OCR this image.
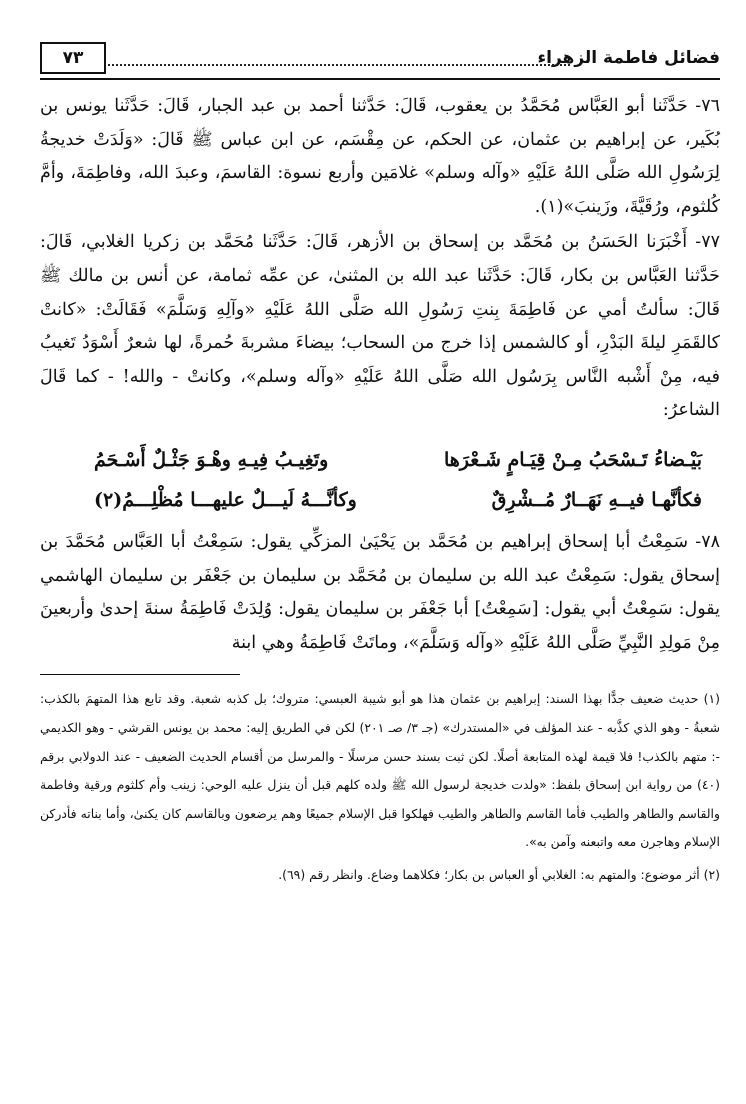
فضائل فاطمة الزهراء
٧٣

٧٦- حَدَّثَنا أبو العَبَّاس مُحَمَّدُ بن يعقوب، قَالَ: حَدَّثنا أحمد بن عبد الجبار، قَالَ: حَدَّثَنا يونس بن بُكَير، عن إبراهيم بن عثمان، عن الحكم، عن مِقْسَم، عن ابن عباس ﷺ قَالَ: «وَلَدَتْ خديجةُ لِرَسُولِ الله صَلَّى اللهُ عَلَيْهِ «وآله وسلم» غلامَين وأربع نسوة: القاسمَ، وعبدَ الله، وفاطِمَةَ، وأمَّ كُلثوم، ورُقَيَّةَ، وزَينبَ»(١).

٧٧- أَخْبَرَنا الحَسَنُ بن مُحَمَّد بن إسحاق بن الأزهر، قَالَ: حَدَّثَنا مُحَمَّد بن زكريا الغلابي، قَالَ: حَدَّثنا العَبَّاس بن بكار، قَالَ: حَدَّثَنا عبد الله بن المثنىٰ، عن عمِّه ثمامة، عن أنس بن مالك ﷺ قَالَ: سألتُ أمي عن فَاطِمَةَ بِنتِ رَسُولِ الله صَلَّى اللهُ عَلَيْهِ «وآلِهِ وَسَلَّمَ» فَقَالَتْ: «كانتْ كالقَمَرِ ليلةَ البَدْرِ، أو كالشمس إذا خرج من السحاب؛ بيضاءَ مشربةَ حُمرةً، لها شعرٌ أَسْوَدُ تَغيبُ فيه، مِنْ أَشْبه النَّاس بِرَسُول الله صَلَّى اللهُ عَلَيْهِ «وآله وسلم»، وكانتْ - والله! - كما قَالَ الشاعرُ:

بَيْـضاءُ تَـسْحَبُ مِـنْ قِيَـامٍ شَـعْرَها
وتَغِيـبُ فِيـهِ وهْـوَ جَثْـلٌ أَسْـحَمُ
فكأنَّهـا فيــهِ نَهَــارٌ مُــشْرِقٌ
وكأنَّـــهُ لَيـــلٌ عليهـــا مُظْلِـــمُ(٢)

٧٨- سَمِعْتُ أبا إسحاق إبراهيم بن مُحَمَّد بن يَحْيَىٰ المزكِّي يقول: سَمِعْتُ أبا العَبَّاس مُحَمَّدَ بن إسحاق يقول: سَمِعْتُ عبد الله بن سليمان بن مُحَمَّد بن سليمان بن جَعْفَر بن سليمان الهاشمي يقول: سَمِعْتُ أبي يقول: [سَمِعْتُ] أبا جَعْفَر بن سليمان يقول: وُلِدَتْ فَاطِمَةُ سنةَ إحدىٰ وأربعينَ مِنْ مَولِدِ النَّبِيِّ صَلَّى اللهُ عَلَيْهِ «وآله وَسَلَّمَ»، وماتَتْ فَاطِمَةُ وهي ابنة

(١) حديث ضعيف جدًّا بهذا السند: إبراهيم بن عثمان هذا هو أبو شيبة العبسي: متروك؛ بل كذبه شعبة. وقد تابع هذا المتهمَ بالكذب: شعبةُ - وهو الذي كذَّبه - عند المؤلف في «المستدرك» (جـ ٣/ صـ ٢٠١) لكن في الطريق إليه: محمد بن يونس القرشي - وهو الكديمي -: متهم بالكذب! فلا قيمة لهذه المتابعة أصلًا. لكن ثبت بسند حسن مرسلًا - والمرسل من أقسام الحديث الضعيف - عند الدولابي برقم (٤٠) من رواية ابن إسحاق بلفظ: «ولدت خديجة لرسول الله ﷺ ولده كلهم قبل أن ينزل عليه الوحي: زينب وأم كلثوم ورقية وفاطمة والقاسم والطاهر والطيب فأما القاسم والطاهر والطيب فهلكوا قبل الإسلام جميعًا وهم يرضعون وبالقاسم كان يكنىٰ، وأما بناته فأدركن الإسلام وهاجرن معه واتبعنه وآمن به».

(٢) أثر موضوع: والمتهم به: الغلابي أو العباس بن بكار؛ فكلاهما وضاع. وانظر رقم (٦٩).
